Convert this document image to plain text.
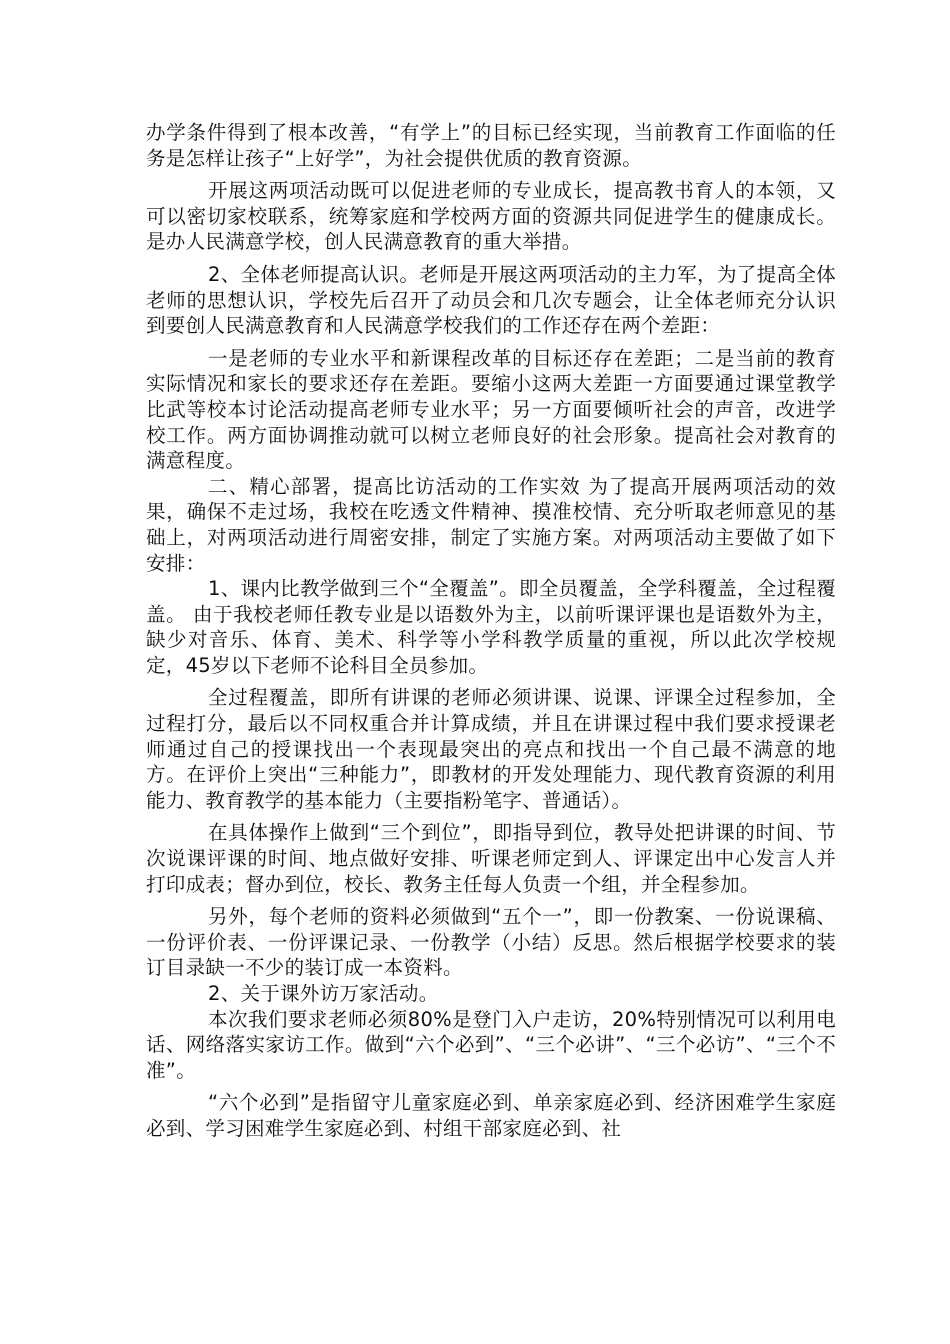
办学条件得到了根本改善，“有学上”的目标已经实现，当前教育工作面临的任务是怎样让孩子“上好学”，为社会提供优质的教育资源。

开展这两项活动既可以促进老师的专业成长，提高教书育人的本领，又可以密切家校联系，统筹家庭和学校两方面的资源共同促进学生的健康成长。是办人民满意学校，创人民满意教育的重大举措。

2、全体老师提高认识。老师是开展这两项活动的主力军，为了提高全体老师的思想认识，学校先后召开了动员会和几次专题会，让全体老师充分认识到要创人民满意教育和人民满意学校我们的工作还存在两个差距：

一是老师的专业水平和新课程改革的目标还存在差距；二是当前的教育实际情况和家长的要求还存在差距。要缩小这两大差距一方面要通过课堂教学比武等校本讨论活动提高老师专业水平；另一方面要倾听社会的声音，改进学校工作。两方面协调推动就可以树立老师良好的社会形象。提高社会对教育的满意程度。

二、精心部署，提高比访活动的工作实效 为了提高开展两项活动的效果，确保不走过场，我校在吃透文件精神、摸准校情、充分听取老师意见的基础上，对两项活动进行周密安排，制定了实施方案。对两项活动主要做了如下安排：

1、课内比教学做到三个“全覆盖”。即全员覆盖，全学科覆盖，全过程覆盖。 由于我校老师任教专业是以语数外为主，以前听课评课也是语数外为主，缺少对音乐、体育、美术、科学等小学科教学质量的重视，所以此次学校规定，45岁以下老师不论科目全员参加。

全过程覆盖，即所有讲课的老师必须讲课、说课、评课全过程参加，全过程打分，最后以不同权重合并计算成绩，并且在讲课过程中我们要求授课老师通过自己的授课找出一个表现最突出的亮点和找出一个自己最不满意的地方。在评价上突出“三种能力”，即教材的开发处理能力、现代教育资源的利用能力、教育教学的基本能力（主要指粉笔字、普通话）。

在具体操作上做到“三个到位”，即指导到位，教导处把讲课的时间、节次说课评课的时间、地点做好安排、听课老师定到人、评课定出中心发言人并打印成表；督办到位，校长、教务主任每人负责一个组，并全程参加。

另外，每个老师的资料必须做到“五个一”，即一份教案、一份说课稿、一份评价表、一份评课记录、一份教学（小结）反思。然后根据学校要求的装订目录缺一不少的装订成一本资料。

2、关于课外访万家活动。

本次我们要求老师必须80%是登门入户走访，20%特别情况可以利用电话、网络落实家访工作。做到“六个必到”、“三个必讲”、“三个必访”、“三个不准”。

“六个必到”是指留守儿童家庭必到、单亲家庭必到、经济困难学生家庭必到、学习困难学生家庭必到、村组干部家庭必到、社
